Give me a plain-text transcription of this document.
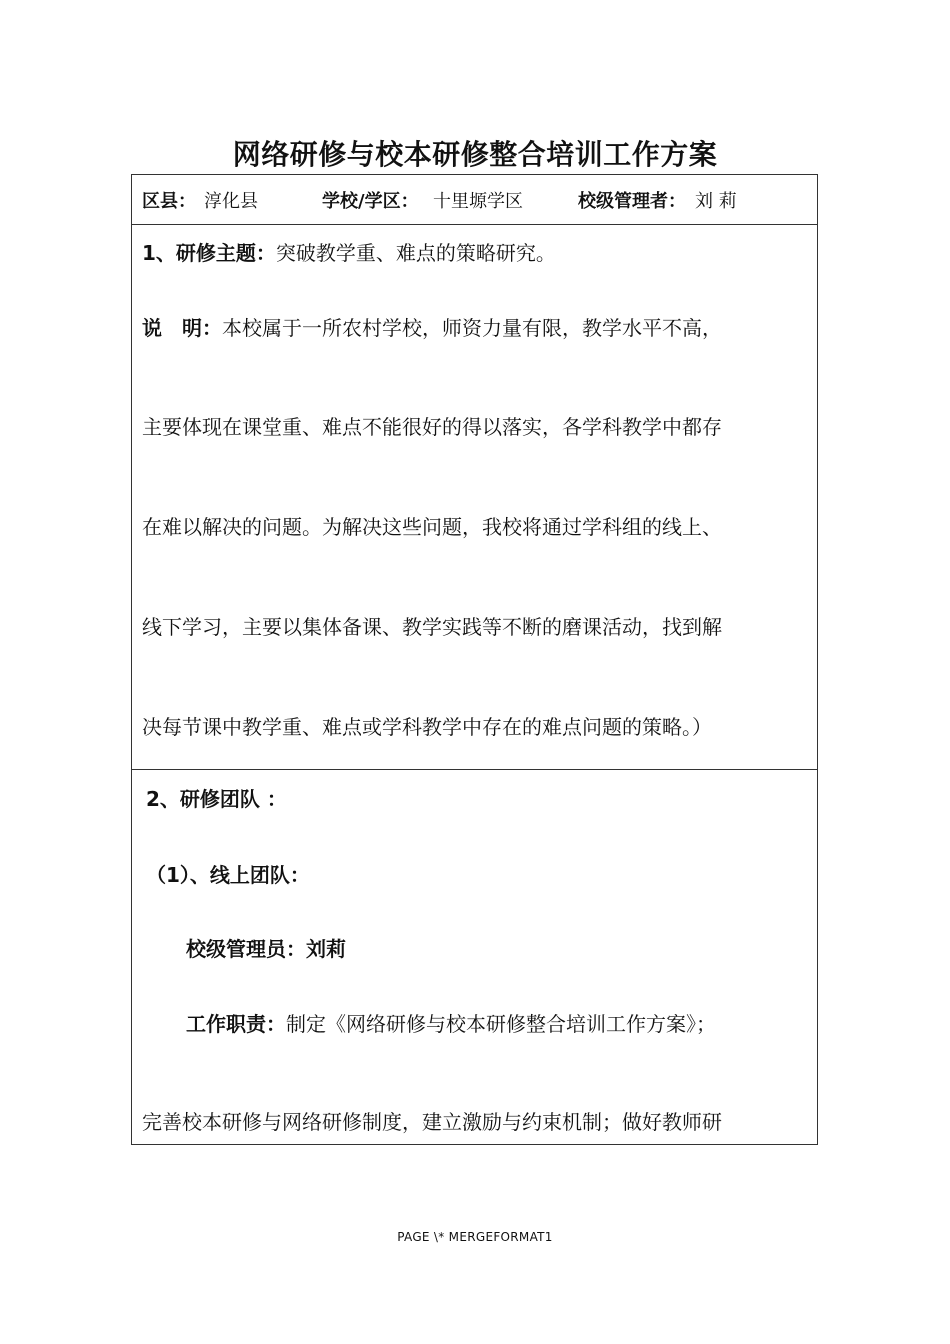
网络研修与校本研修整合培训工作方案
区县： 淳化县	学校/学区： 十里塬学区	校级管理者： 刘 莉
1、研修主题：突破教学重、难点的策略研究。
说　明：本校属于一所农村学校，师资力量有限，教学水平不高，
主要体现在课堂重、难点不能很好的得以落实，各学科教学中都存
在难以解决的问题。为解决这些问题，我校将通过学科组的线上、
线下学习，主要以集体备课、教学实践等不断的磨课活动，找到解
决每节课中教学重、难点或学科教学中存在的难点问题的策略。）
2、研修团队 ：
（1）、线上团队：
校级管理员：刘莉
工作职责：制定《网络研修与校本研修整合培训工作方案》；
完善校本研修与网络研修制度，建立激励与约束机制；做好教师研
PAGE \* MERGEFORMAT1
